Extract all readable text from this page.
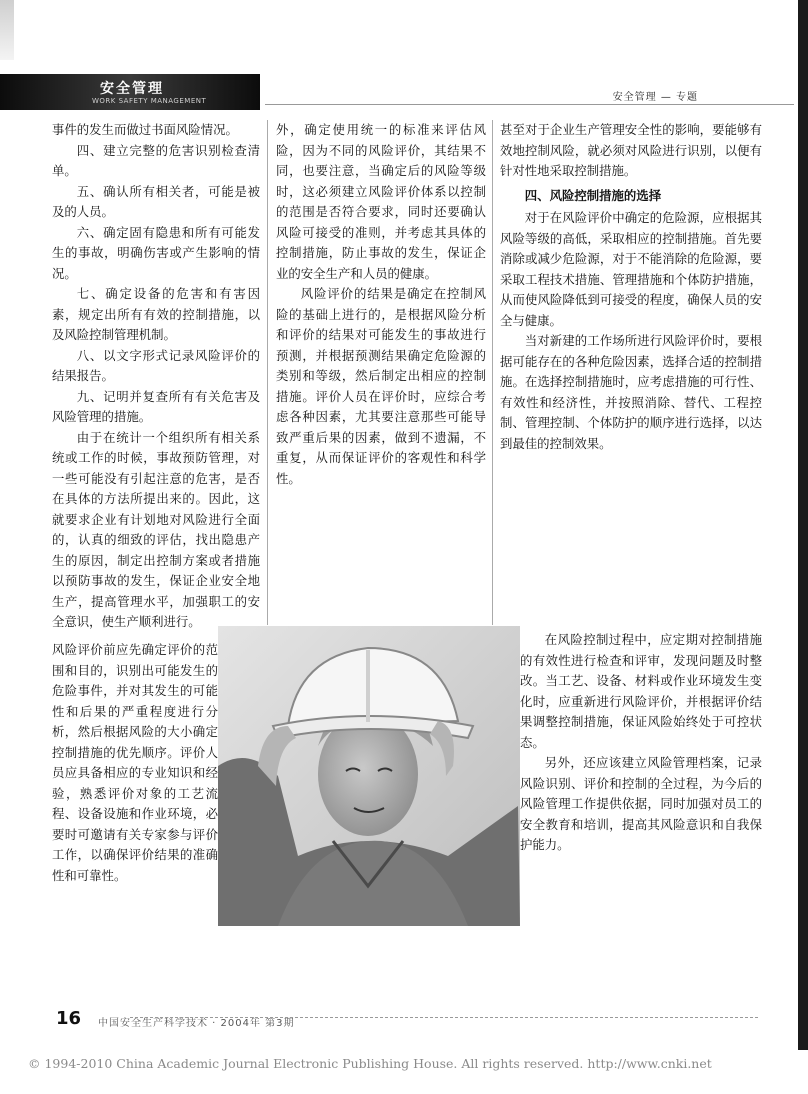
安全管理
WORK SAFETY MANAGEMENT	安全管理 — 专题

事件的发生而做过书面风险情况。

四、建立完整的危害识别检查清单。

五、确认所有相关者，可能是被及的人员。

六、确定固有隐患和所有可能发生的事故，明确伤害或产生影响的情况。

七、确定设备的危害和有害因素，规定出所有有效的控制措施，以及风险控制管理机制。

八、以文字形式记录风险评价的结果报告。

九、记明并复查所有有关危害及风险管理的措施。

由于在统计一个组织所有相关系统或工作的时候，事故预防管理，对一些可能没有引起注意的危害，是否在具体的方法所提出来的。因此，这就要求企业有计划地对风险进行全面的，认真的细致的评估，找出隐患产生的原因，制定出控制方案或者措施以预防事故的发生，保证企业安全地生产，提高管理水平，加强职工的安全意识，使生产顺利进行。

外，确定使用统一的标准来评估风险，因为不同的风险评价，其结果不同，也要注意，当确定后的风险等级时，这必须建立风险评价体系以控制的范围是否符合要求，同时还要确认风险可接受的准则，并考虑其具体的控制措施，防止事故的发生，保证企业的安全生产和人员的健康。

风险评价的结果是确定在控制风险的基础上进行的，是根据风险分析和评价的结果对可能发生的事故进行预测，并根据预测结果确定危险源的类别和等级，然后制定出相应的控制措施。评价人员在评价时，应综合考虑各种因素，尤其要注意那些可能导致严重后果的因素，做到不遗漏，不重复，从而保证评价的客观性和科学性。

甚至对于企业生产管理安全性的影响，要能够有效地控制风险，就必须对风险进行识别，以便有针对性地采取控制措施。

四、风险控制措施的选择

对于在风险评价中确定的危险源，应根据其风险等级的高低，采取相应的控制措施。首先要消除或减少危险源，对于不能消除的危险源，要采取工程技术措施、管理措施和个体防护措施，从而使风险降低到可接受的程度，确保人员的安全与健康。

当对新建的工作场所进行风险评价时，要根据可能存在的各种危险因素，选择合适的控制措施。在选择控制措施时，应考虑措施的可行性、有效性和经济性，并按照消除、替代、工程控制、管理控制、个体防护的顺序进行选择，以达到最佳的控制效果。

风险评价前应先确定评价的范围和目的，识别出可能发生的危险事件，并对其发生的可能性和后果的严重程度进行分析，然后根据风险的大小确定控制措施的优先顺序。评价人员应具备相应的专业知识和经验，熟悉评价对象的工艺流程、设备设施和作业环境，必要时可邀请有关专家参与评价工作，以确保评价结果的准确性和可靠性。

在风险控制过程中，应定期对控制措施的有效性进行检查和评审，发现问题及时整改。当工艺、设备、材料或作业环境发生变化时，应重新进行风险评价，并根据评价结果调整控制措施，保证风险始终处于可控状态。

另外，还应该建立风险管理档案，记录风险识别、评价和控制的全过程，为今后的风险管理工作提供依据，同时加强对员工的安全教育和培训，提高其风险意识和自我保护能力。

16 中国安全生产科学技术 · 2004年 第3期
© 1994-2010 China Academic Journal Electronic Publishing House. All rights reserved. http://www.cnki.net
